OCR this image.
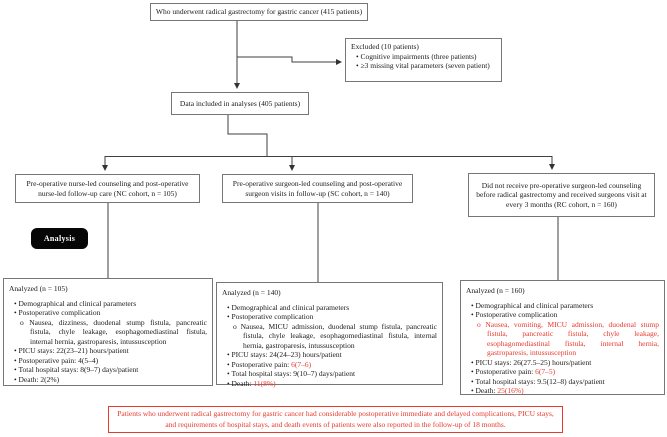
Who underwent radical gastrectomy for gastric cancer (415 patients)
Excluded (10 patients)
• Cognitive impairments (three patients)
• ≥3 missing vital parameters (seven patient)
Data included in analyses (405 patients)
Pre-operative nurse-led counseling and post-operative nurse-led follow-up care (NC cohort, n = 105)
Pre-operative surgeon-led counseling and post-operative surgeon visits in follow-up (SC cohort, n = 140)
Did not receive pre-operative surgeon-led counseling before radical gastrectomy and received surgeons visit at every 3 months (RC cohort, n = 160)
Analysis
Analyzed (n = 105)
• Demographical and clinical parameters
• Postoperative complication
o Nausea, dizziness, duodenal stump fistula, pancreatic fistula, chyle leakage, esophagomediastinal fistula, internal hernia, gastroparesis, intussusception
• PICU stays: 22(23–21) hours/patient
• Postoperative pain: 4(5–4)
• Total hospital stays: 8(9–7) days/patient
• Death: 2(2%)
Analyzed (n = 140)
• Demographical and clinical parameters
• Postoperative complication
o Nausea, MICU admission, duodenal stump fistula, pancreatic fistula, chyle leakage, esophagomediastinal fistula, internal hernia, gastroparesis, intussusception
• PICU stays: 24(24–23) hours/patient
• Postoperative pain: 6(7–6)
• Total hospital stays: 9(10–7) days/patient
• Death: 11(8%)
Analyzed (n = 160)
• Demographical and clinical parameters
• Postoperative complication
o Nausea, vomiting, MICU admission, duodenal stump fistula, pancreatic fistula, chyle leakage, esophagomediastinal fistula, internal hernia, gastroparesis, intussusception
• PICU stays: 26(27.5–25) hours/patient
• Postoperative pain: 6(7–5)
• Total hospital stays: 9.5(12–8) days/patient
• Death: 25(16%)
Patients who underwent radical gastrectomy for gastric cancer had considerable postoperative immediate and delayed complications, PICU stays, and requirements of hospital stays, and death events of patients were also reported in the follow-up of 18 months.
